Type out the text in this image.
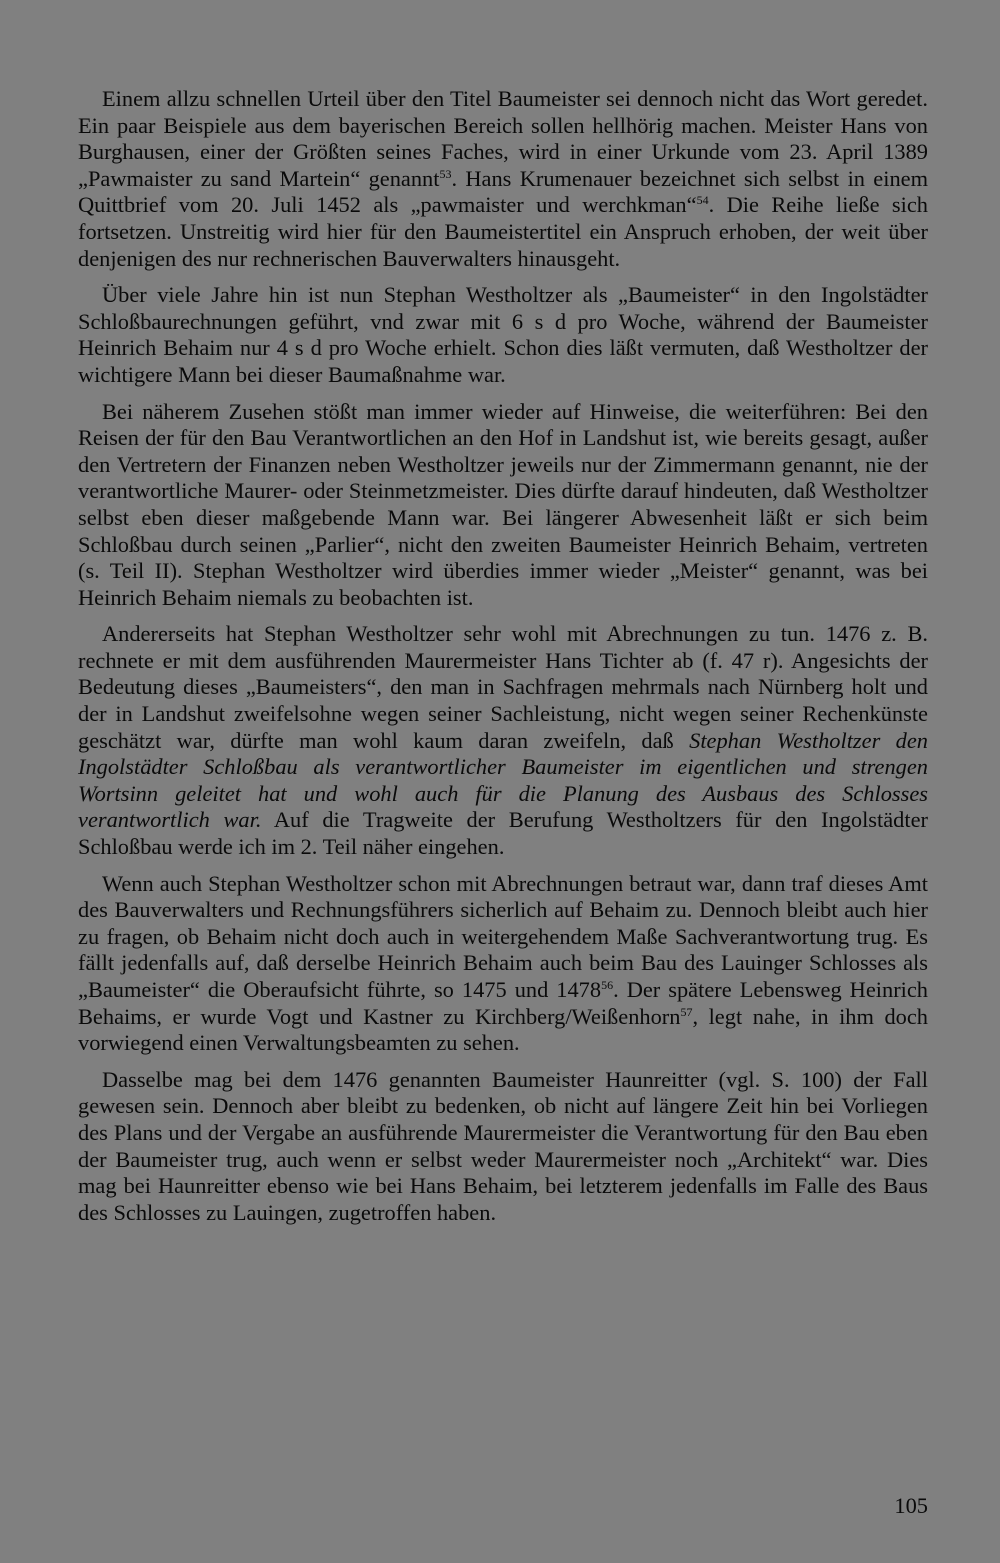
Einem allzu schnellen Urteil über den Titel Baumeister sei dennoch nicht das Wort geredet. Ein paar Beispiele aus dem bayerischen Bereich sollen hellhörig machen. Meister Hans von Burghausen, einer der Größten seines Faches, wird in einer Urkunde vom 23. April 1389 „Pawmaister zu sand Martein“ genannt$^{53}$. Hans Krumenauer bezeichnet sich selbst in einem Quittbrief vom 20. Juli 1452 als „pawmaister und werchkman“$^{54}$. Die Reihe ließe sich fortsetzen. Unstreitig wird hier für den Baumeistertitel ein Anspruch erhoben, der weit über denjenigen des nur rechnerischen Bauverwalters hinausgeht.

Über viele Jahre hin ist nun Stephan Westholtzer als „Baumeister“ in den Ingolstädter Schloßbaurechnungen geführt, vnd zwar mit 6 s d pro Woche, während der Baumeister Heinrich Behaim nur 4 s d pro Woche erhielt. Schon dies läßt vermuten, daß Westholtzer der wichtigere Mann bei dieser Baumaßnahme war.

Bei näherem Zusehen stößt man immer wieder auf Hinweise, die weiterführen: Bei den Reisen der für den Bau Verantwortlichen an den Hof in Landshut ist, wie bereits gesagt, außer den Vertretern der Finanzen neben Westholtzer jeweils nur der Zimmermann genannt, nie der verantwortliche Maurer- oder Steinmetzmeister. Dies dürfte darauf hindeuten, daß Westholtzer selbst eben dieser maßgebende Mann war. Bei längerer Abwesenheit läßt er sich beim Schloßbau durch seinen „Parlier“, nicht den zweiten Baumeister Heinrich Behaim, vertreten (s. Teil II). Stephan Westholtzer wird überdies immer wieder „Meister“ genannt, was bei Heinrich Behaim niemals zu beobachten ist.

Andererseits hat Stephan Westholtzer sehr wohl mit Abrechnungen zu tun. 1476 z. B. rechnete er mit dem ausführenden Maurermeister Hans Tichter ab (f. 47 r). Angesichts der Bedeutung dieses „Baumeisters“, den man in Sachfragen mehrmals nach Nürnberg holt und der in Landshut zweifelsohne wegen seiner Sachleistung, nicht wegen seiner Rechenkünste geschätzt war, dürfte man wohl kaum daran zweifeln, daß Stephan Westholtzer den Ingolstädter Schloßbau als verantwortlicher Baumeister im eigentlichen und strengen Wortsinn geleitet hat und wohl auch für die Planung des Ausbaus des Schlosses verantwortlich war. Auf die Tragweite der Berufung Westholtzers für den Ingolstädter Schloßbau werde ich im 2. Teil näher eingehen.

Wenn auch Stephan Westholtzer schon mit Abrechnungen betraut war, dann traf dieses Amt des Bauverwalters und Rechnungsführers sicherlich auf Behaim zu. Dennoch bleibt auch hier zu fragen, ob Behaim nicht doch auch in weitergehendem Maße Sachverantwortung trug. Es fällt jedenfalls auf, daß derselbe Heinrich Behaim auch beim Bau des Lauinger Schlosses als „Baumeister“ die Oberaufsicht führte, so 1475 und 1478$^{56}$. Der spätere Lebensweg Heinrich Behaims, er wurde Vogt und Kastner zu Kirchberg/Weißenhorn$^{57}$, legt nahe, in ihm doch vorwiegend einen Verwaltungsbeamten zu sehen.

Dasselbe mag bei dem 1476 genannten Baumeister Haunreitter (vgl. S. 100) der Fall gewesen sein. Dennoch aber bleibt zu bedenken, ob nicht auf längere Zeit hin bei Vorliegen des Plans und der Vergabe an ausführende Maurermeister die Verantwortung für den Bau eben der Baumeister trug, auch wenn er selbst weder Maurermeister noch „Architekt“ war. Dies mag bei Haunreitter ebenso wie bei Hans Behaim, bei letzterem jedenfalls im Falle des Baus des Schlosses zu Lauingen, zugetroffen haben.

105
